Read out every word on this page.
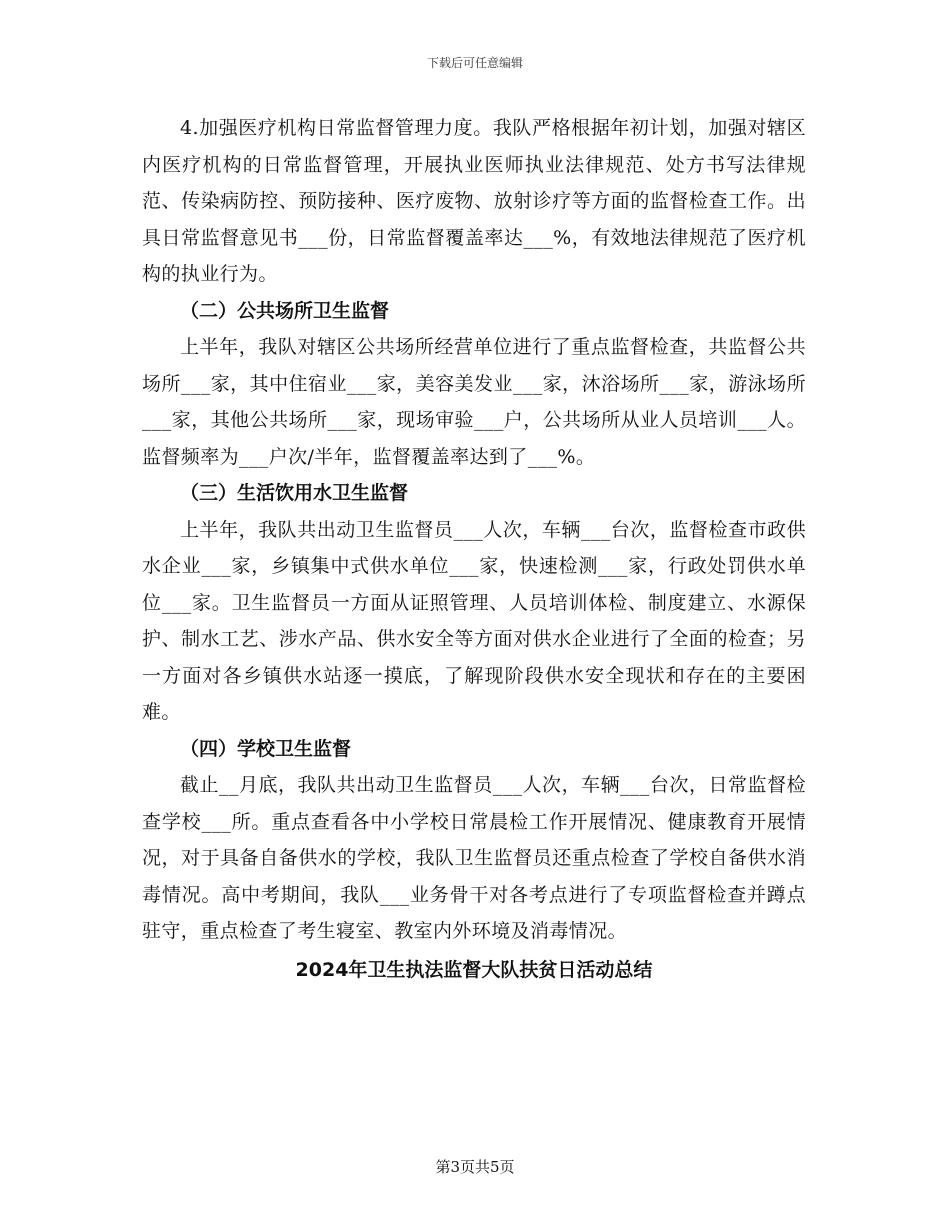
下载后可任意编辑

4.加强医疗机构日常监督管理力度。我队严格根据年初计划，加强对辖区内医疗机构的日常监督管理，开展执业医师执业法律规范、处方书写法律规范、传染病防控、预防接种、医疗废物、放射诊疗等方面的监督检查工作。出具日常监督意见书___份，日常监督覆盖率达___%，有效地法律规范了医疗机构的执业行为。

（二）公共场所卫生监督

上半年，我队对辖区公共场所经营单位进行了重点监督检查，共监督公共场所___家，其中住宿业___家，美容美发业___家，沐浴场所___家，游泳场所___家，其他公共场所___家，现场审验___户，公共场所从业人员培训___人。监督频率为___户次/半年，监督覆盖率达到了___%。

（三）生活饮用水卫生监督

上半年，我队共出动卫生监督员___人次，车辆___台次，监督检查市政供水企业___家，乡镇集中式供水单位___家，快速检测___家，行政处罚供水单位___家。卫生监督员一方面从证照管理、人员培训体检、制度建立、水源保护、制水工艺、涉水产品、供水安全等方面对供水企业进行了全面的检查；另一方面对各乡镇供水站逐一摸底，了解现阶段供水安全现状和存在的主要困难。

（四）学校卫生监督

截止__月底，我队共出动卫生监督员___人次，车辆___台次，日常监督检查学校___所。重点查看各中小学校日常晨检工作开展情况、健康教育开展情况，对于具备自备供水的学校，我队卫生监督员还重点检查了学校自备供水消毒情况。高中考期间，我队___业务骨干对各考点进行了专项监督检查并蹲点驻守，重点检查了考生寝室、教室内外环境及消毒情况。

2024年卫生执法监督大队扶贫日活动总结

第3页共5页
